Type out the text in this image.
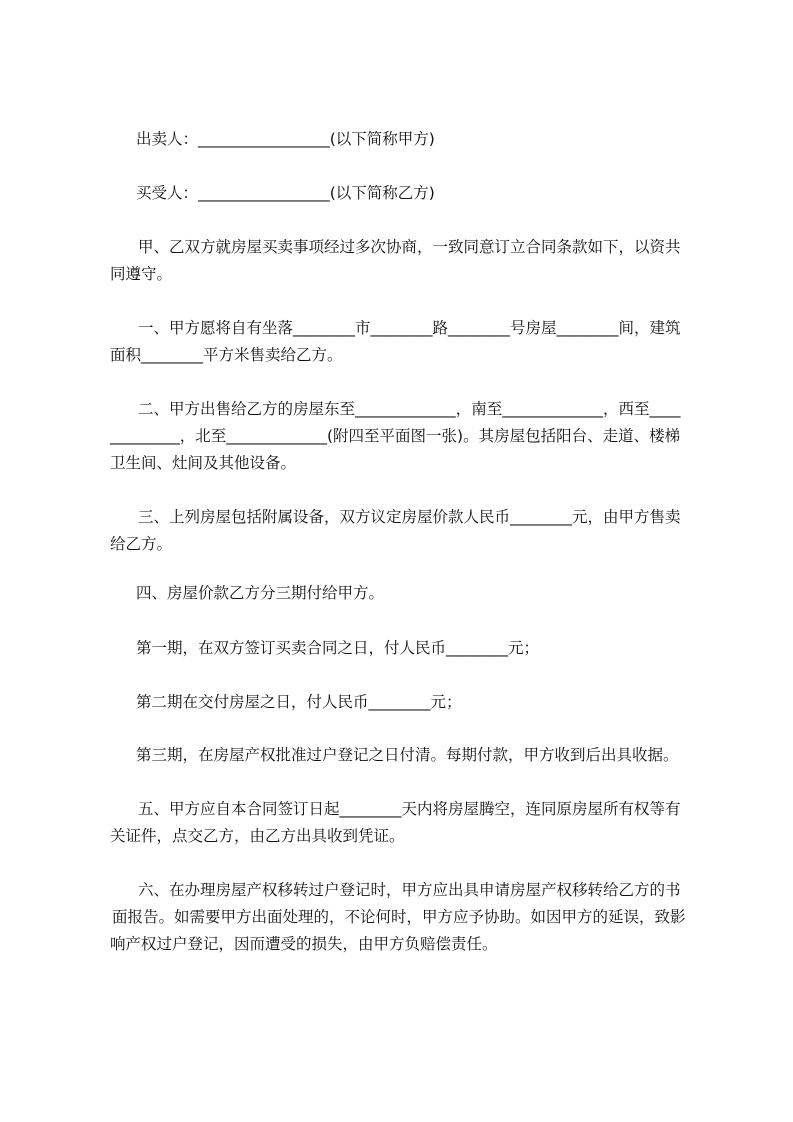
出卖人：_________________(以下简称甲方)
买受人：_________________(以下简称乙方)
甲、乙双方就房屋买卖事项经过多次协商，一致同意订立合同条款如下，以资共
同遵守。
一、甲方愿将自有坐落________市________路________号房屋________间，建筑
面积________平方米售卖给乙方。
二、甲方出售给乙方的房屋东至_____________，南至_____________，西至____
_________，北至_____________(附四至平面图一张)。其房屋包括阳台、走道、楼梯
卫生间、灶间及其他设备。
三、上列房屋包括附属设备，双方议定房屋价款人民币________元，由甲方售卖
给乙方。
四、房屋价款乙方分三期付给甲方。
第一期，在双方签订买卖合同之日，付人民币________元；
第二期在交付房屋之日，付人民币________元；
第三期，在房屋产权批准过户登记之日付清。每期付款，甲方收到后出具收据。
五、甲方应自本合同签订日起________天内将房屋腾空，连同原房屋所有权等有
关证件，点交乙方，由乙方出具收到凭证。
六、在办理房屋产权移转过户登记时，甲方应出具申请房屋产权移转给乙方的书
面报告。如需要甲方出面处理的，不论何时，甲方应予协助。如因甲方的延误，致影
响产权过户登记，因而遭受的损失，由甲方负赔偿责任。
